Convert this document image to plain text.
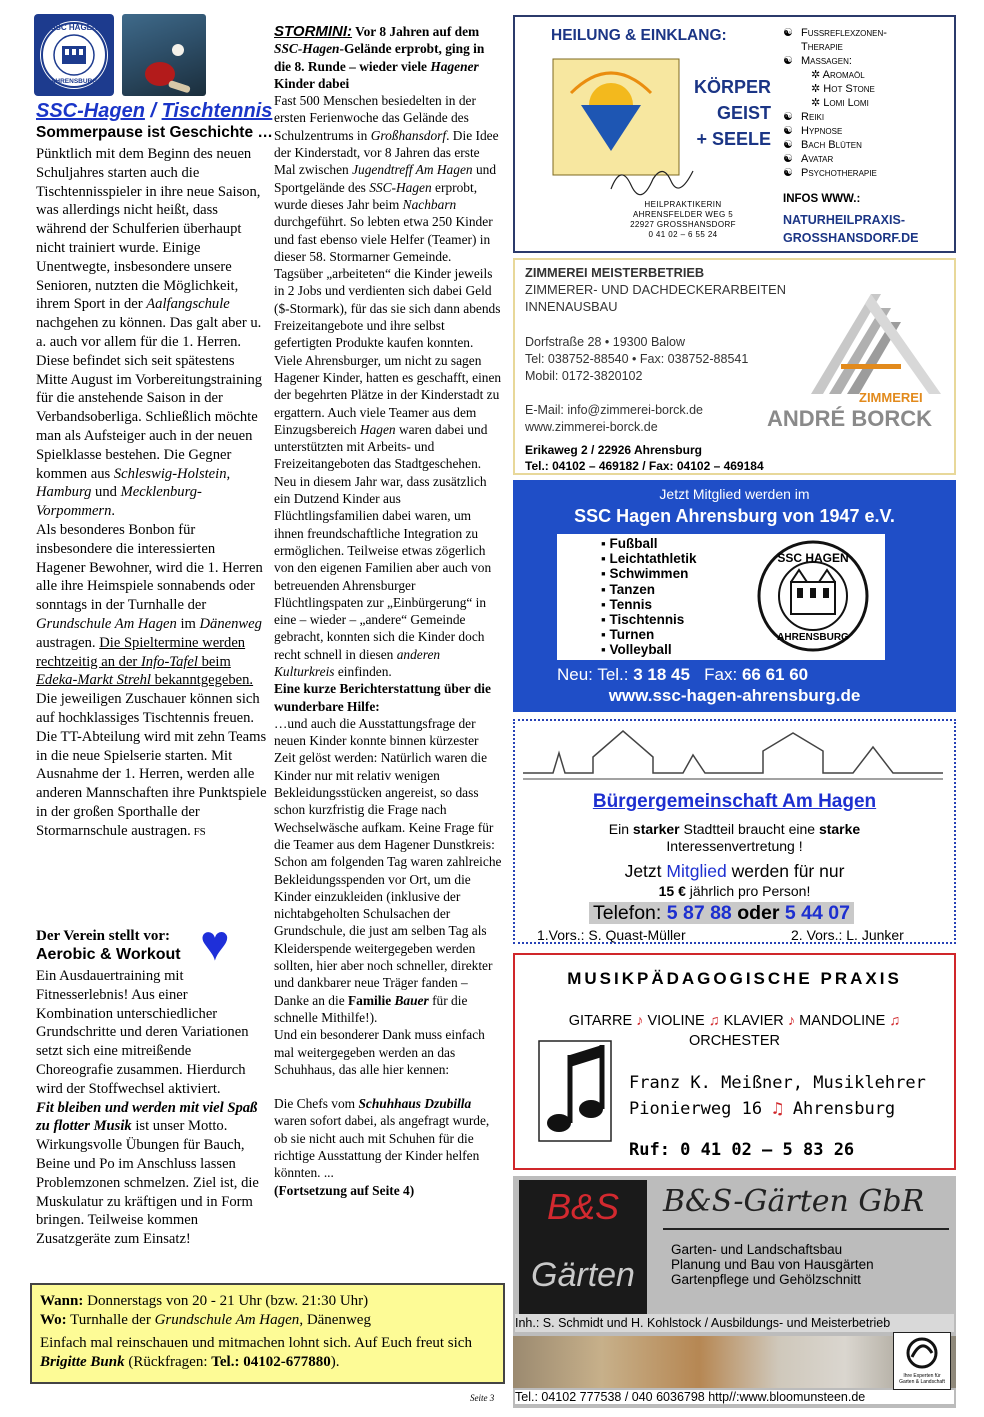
SSC HAGEN
AHRENSBURG
SSC-Hagen / Tischtennis
Sommerpause ist Geschichte …

Pünktlich mit dem Beginn des neuen Schuljahres starten auch die Tischtennisspieler in ihre neue Saison, was allerdings nicht heißt, dass während der Schulferien überhaupt nicht trainiert wurde. Einige Unentwegte, insbesondere unsere Senioren, nutzten die Möglichkeit, ihrem Sport in der Aalfangschule nachgehen zu können. Das galt aber u. a. auch vor allem für die 1. Herren. Diese befindet sich seit spätestens Mitte August im Vorbereitungstraining für die anstehende Saison in der Verbandsoberliga. Schließlich möchte man als Aufsteiger auch in der neuen Spielklasse bestehen. Die Gegner kommen aus Schleswig-Holstein, Hamburg und Mecklenburg-Vorpommern.

Als besonderes Bonbon für insbesondere die interessierten Hagener Bewohner, wird die 1. Herren alle ihre Heimspiele sonnabends oder sonntags in der Turnhalle der Grundschule Am Hagen im Dänenweg austragen. Die Spieltermine werden rechtzeitig an der Info-Tafel beim Edeka-Markt Strehl bekanntgegeben. Die jeweiligen Zuschauer können sich auf hochklassiges Tischtennis freuen. Die TT-Abteilung wird mit zehn Teams in die neue Spielserie starten. Mit Ausnahme der 1. Herren, werden alle anderen Mannschaften ihre Punktspiele in der großen Sporthalle der Stormarnschule austragen. FS

Der Verein stellt vor:
Aerobic & Workout ♥

Ein Ausdauertraining mit Fitnesserlebnis! Aus einer Kombination unterschiedlicher Grundschritte und deren Variationen setzt sich eine mitreißende Choreografie zusammen. Hierdurch wird der Stoffwechsel aktiviert.

Fit bleiben und werden mit viel Spaß zu flotter Musik ist unser Motto. Wirkungsvolle Übungen für Bauch, Beine und Po im Anschluss lassen Problemzonen schmelzen. Ziel ist, die Muskulatur zu kräftigen und in Form bringen. Teilweise kommen Zusatzgeräte zum Einsatz!

STORMINI: Vor 8 Jahren auf dem SSC-Hagen-Gelände erprobt, ging in die 8. Runde – wieder viele Hagener Kinder dabei

Fast 500 Menschen besiedelten in der ersten Ferienwoche das Gelände des Schulzentrums in Großhansdorf. Die Idee der Kinderstadt, vor 8 Jahren das erste Mal zwischen Jugendtreff Am Hagen und Sportgelände des SSC-Hagen erprobt, wurde dieses Jahr beim Nachbarn durchgeführt. So lebten etwa 250 Kinder und fast ebenso viele Helfer (Teamer) in dieser 58. Stormarner Gemeinde. Tagsüber „arbeiteten“ die Kinder jeweils in 2 Jobs und verdienten sich dabei Geld ($-Stormark), für das sie sich dann abends Freizeitangebote und ihre selbst gefertigten Produkte kaufen konnten.

Viele Ahrensburger, um nicht zu sagen Hagener Kinder, hatten es geschafft, einen der begehrten Plätze in der Kinderstadt zu ergattern. Auch viele Teamer aus dem Einzugsbereich Hagen waren dabei und unterstützten mit Arbeits- und Freizeitangeboten das Stadtgeschehen.

Neu in diesem Jahr war, dass zusätzlich ein Dutzend Kinder aus Flüchtlingsfamilien dabei waren, um ihnen freundschaftliche Integration zu ermöglichen. Teilweise etwas zögerlich von den eigenen Familien aber auch von betreuenden Ahrensburger Flüchtlingspaten zur „Einbürgerung“ in eine – wieder – „andere“ Gemeinde gebracht, konnten sich die Kinder doch recht schnell in diesen anderen Kulturkreis einfinden.

Eine kurze Berichterstattung über die wunderbare Hilfe:

…und auch die Ausstattungsfrage der neuen Kinder konnte binnen kürzester Zeit gelöst werden: Natürlich waren die Kinder nur mit relativ wenigen Bekleidungsstücken angereist, so dass schon kurzfristig die Frage nach Wechselwäsche aufkam. Keine Frage für die Teamer aus dem Hagener Dunstkreis: Schon am folgenden Tag waren zahlreiche Bekleidungsspenden vor Ort, um die Kinder einzukleiden (inklusive der nichtabgeholten Schulsachen der Grundschule, die just am selben Tag als Kleiderspende weitergegeben werden sollten, hier aber noch schneller, direkter und dankbarer neue Träger fanden – Danke an die Familie Bauer für die schnelle Mithilfe!).

Und ein besonderer Dank muss einfach mal weitergegeben werden an das Schuhhaus, das alle hier kennen:

Die Chefs vom Schuhhaus Dzubilla waren sofort dabei, als angefragt wurde, ob sie nicht auch mit Schuhen für die richtige Ausstattung der Kinder helfen könnten. ...

(Fortsetzung auf Seite 4)

Wann: Donnerstags von 20 - 21 Uhr (bzw. 21:30 Uhr)
Wo: Turnhalle der Grundschule Am Hagen, Dänenweg
Einfach mal reinschauen und mitmachen lohnt sich. Auf Euch freut sich Brigitte Bunk (Rückfragen: Tel.: 04102-677880).
Seite 3
HEILUNG & EINKLANG:
KÖRPER
GEIST
+ SEELE
HEILPRAKTIKERIN
AHRENSFELDER WEG 5
22927 GROSSHANSDORF
0 41 02 – 6 55 24
☯ Fußreflexzonen-
Therapie
☯ Massagen:
✲ Aromaöl
✲ Hot Stone
✲ Lomi Lomi
☯ Reiki
☯ Hypnose
☯ Bach Blüten
☯ Avatar
☯ Psychotherapie
INFOS WWW.:
NATURHEILPRAXIS-
GROSSHANSDORF.DE
ZIMMEREI MEISTERBETRIEB
ZIMMERER- UND DACHDECKERARBEITEN
INNENAUSBAU
Dorfstraße 28 • 19300 Balow
Tel: 038752-88540 • Fax: 038752-88541
Mobil: 0172-3820102
E-Mail: info@zimmerei-borck.de
www.zimmerei-borck.de
ZIMMEREI
ANDRÉ BORCK
Erikaweg 2 / 22926 Ahrensburg
Tel.: 04102 – 469182 / Fax: 04102 – 469184
Jetzt Mitglied werden im
SSC Hagen Ahrensburg von 1947 e.V.
▪ Fußball
▪ Leichtathletik
▪ Schwimmen
▪ Tanzen
▪ Tennis
▪ Tischtennis
▪ Turnen
▪ Volleyball
SSC HAGEN
AHRENSBURG
Neu: Tel.: 3 18 45 Fax: 66 61 60
www.ssc-hagen-ahrensburg.de
Bürgergemeinschaft Am Hagen
Ein starker Stadtteil braucht eine starke
Interessenvertretung !
Jetzt Mitglied werden für nur
15 € jährlich pro Person!
Telefon: 5 87 88 oder 5 44 07
1.Vors.: S. Quast-Müller	2. Vors.: L. Junker
MUSIKPÄDAGOGISCHE PRAXIS
GITARRE ♪ VIOLINE ♫ KLAVIER ♪ MANDOLINE ♫
ORCHESTER
Franz K. Meißner, Musiklehrer
Pionierweg 16 ♫ Ahrensburg
Ruf: 0 41 02 – 5 83 26
B&S
Gärten
B&S-Gärten GbR
Garten- und Landschaftsbau
Planung und Bau von Hausgärten
Gartenpflege und Gehölzschnitt
Inh.: S. Schmidt und H. Kohlstock / Ausbildungs- und Meisterbetrieb
Ihre Experten für Garten & Landschaft
Tel.: 04102 777538 / 040 6036798 http//:www.bloomunsteen.de
